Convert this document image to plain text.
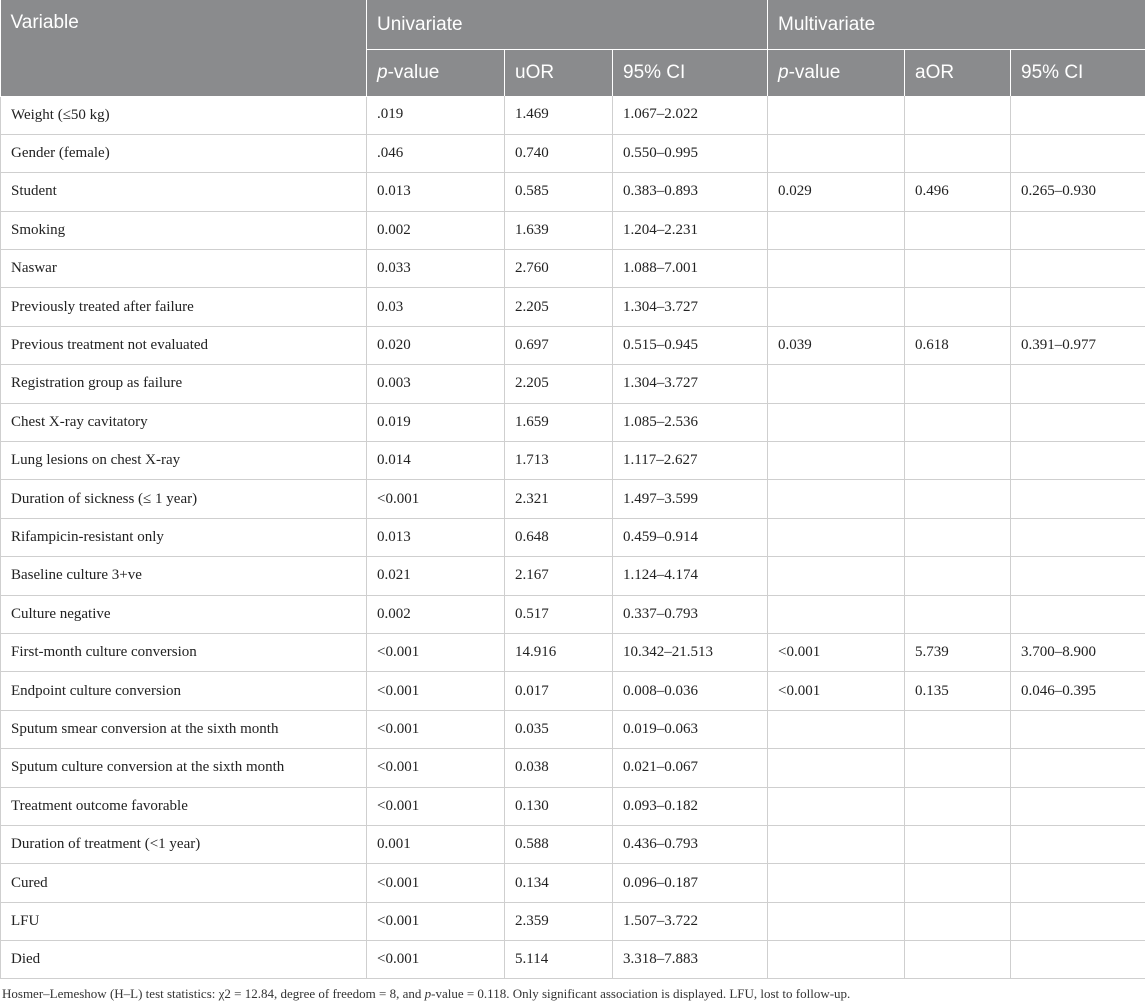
Variable	Univariate			Multivariate		
	p-value	uOR	95% CI	p-value	aOR	95% CI
Weight (≤50 kg)	.019	1.469	1.067–2.022			
Gender (female)	.046	0.740	0.550–0.995			
Student	0.013	0.585	0.383–0.893	0.029	0.496	0.265–0.930
Smoking	0.002	1.639	1.204–2.231			
Naswar	0.033	2.760	1.088–7.001			
Previously treated after failure	0.03	2.205	1.304–3.727			
Previous treatment not evaluated	0.020	0.697	0.515–0.945	0.039	0.618	0.391–0.977
Registration group as failure	0.003	2.205	1.304–3.727			
Chest X-ray cavitatory	0.019	1.659	1.085–2.536			
Lung lesions on chest X-ray	0.014	1.713	1.117–2.627			
Duration of sickness (≤ 1 year)	<0.001	2.321	1.497–3.599			
Rifampicin-resistant only	0.013	0.648	0.459–0.914			
Baseline culture 3+ve	0.021	2.167	1.124–4.174			
Culture negative	0.002	0.517	0.337–0.793			
First-month culture conversion	<0.001	14.916	10.342–21.513	<0.001	5.739	3.700–8.900
Endpoint culture conversion	<0.001	0.017	0.008–0.036	<0.001	0.135	0.046–0.395
Sputum smear conversion at the sixth month	<0.001	0.035	0.019–0.063			
Sputum culture conversion at the sixth month	<0.001	0.038	0.021–0.067			
Treatment outcome favorable	<0.001	0.130	0.093–0.182			
Duration of treatment (<1 year)	0.001	0.588	0.436–0.793			
Cured	<0.001	0.134	0.096–0.187			
LFU	<0.001	2.359	1.507–3.722			
Died	<0.001	5.114	3.318–7.883			
Hosmer–Lemeshow (H–L) test statistics: χ2 = 12.84, degree of freedom = 8, and p-value = 0.118. Only significant association is displayed. LFU, lost to follow-up.
